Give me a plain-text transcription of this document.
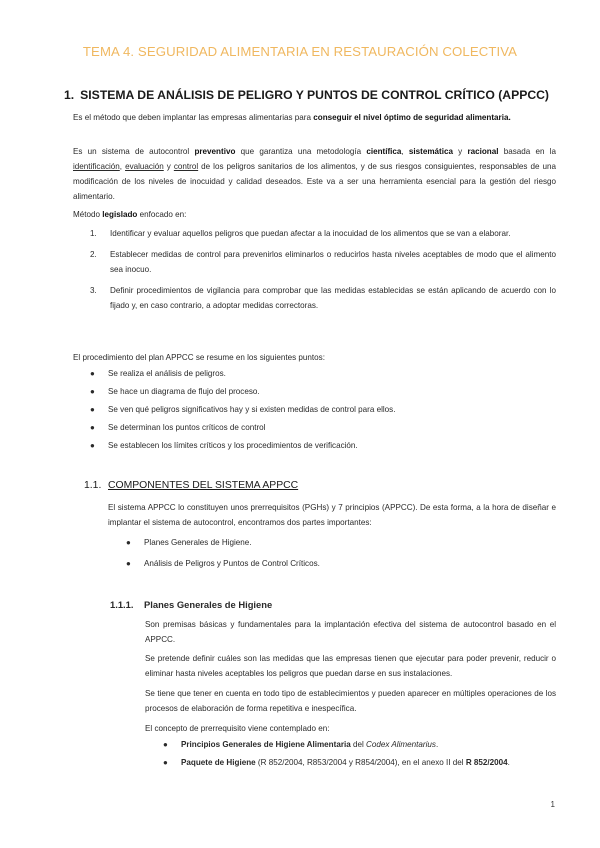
TEMA 4. SEGURIDAD ALIMENTARIA EN RESTAURACIÓN COLECTIVA
1. SISTEMA DE ANÁLISIS DE PELIGRO Y PUNTOS DE CONTROL CRÍTICO (APPCC)
Es el método que deben implantar las empresas alimentarias para conseguir el nivel óptimo de seguridad alimentaria.
Es un sistema de autocontrol preventivo que garantiza una metodología científica, sistemática y racional basada en la identificación, evaluación y control de los peligros sanitarios de los alimentos, y de sus riesgos consiguientes, responsables de una modificación de los niveles de inocuidad y calidad deseados. Este va a ser una herramienta esencial para la gestión del riesgo alimentario.
Método legislado enfocado en:
1. Identificar y evaluar aquellos peligros que puedan afectar a la inocuidad de los alimentos que se van a elaborar.
2. Establecer medidas de control para prevenirlos eliminarlos o reducirlos hasta niveles aceptables de modo que el alimento sea inocuo.
3. Definir procedimientos de vigilancia para comprobar que las medidas establecidas se están aplicando de acuerdo con lo fijado y, en caso contrario, a adoptar medidas correctoras.
El procedimiento del plan APPCC se resume en los siguientes puntos:
● Se realiza el análisis de peligros.
● Se hace un diagrama de flujo del proceso.
● Se ven qué peligros significativos hay y si existen medidas de control para ellos.
● Se determinan los puntos críticos de control
● Se establecen los límites críticos y los procedimientos de verificación.
1.1. COMPONENTES DEL SISTEMA APPCC
El sistema APPCC lo constituyen unos prerrequisitos (PGHs) y 7 principios (APPCC). De esta forma, a la hora de diseñar e implantar el sistema de autocontrol, encontramos dos partes importantes:
● Planes Generales de Higiene.
● Análisis de Peligros y Puntos de Control Críticos.
1.1.1. Planes Generales de Higiene
Son premisas básicas y fundamentales para la implantación efectiva del sistema de autocontrol basado en el APPCC.
Se pretende definir cuáles son las medidas que las empresas tienen que ejecutar para poder prevenir, reducir o eliminar hasta niveles aceptables los peligros que puedan darse en sus instalaciones.
Se tiene que tener en cuenta en todo tipo de establecimientos y pueden aparecer en múltiples operaciones de los procesos de elaboración de forma repetitiva e inespecífica.
El concepto de prerrequisito viene contemplado en:
● Principios Generales de Higiene Alimentaria del Codex Alimentarius.
● Paquete de Higiene (R 852/2004, R853/2004 y R854/2004), en el anexo II del R 852/2004.
1
